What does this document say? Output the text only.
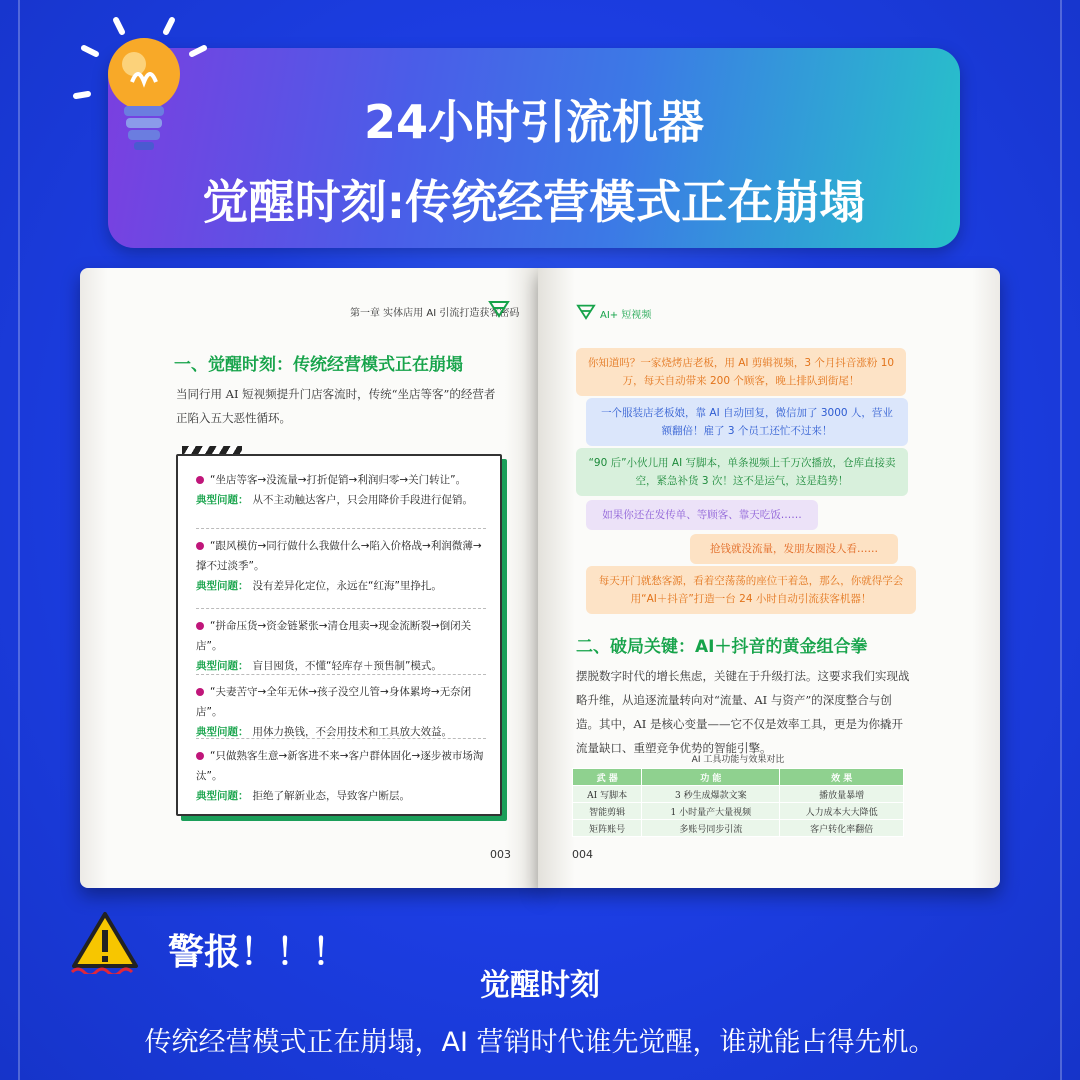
24小时引流机器
觉醒时刻:传统经营模式正在崩塌
第一章 实体店用 AI 引流打造获客密码
一、觉醒时刻：传统经营模式正在崩塌
当同行用 AI 短视频提升门店客流时，传统“坐店等客”的经营者正陷入五大恶性循环。
“坐店等客→没流量→打折促销→利润归零→关门转让”。
典型问题： 从不主动触达客户，只会用降价手段进行促销。
“跟风模仿→同行做什么我做什么→陷入价格战→利润微薄→撑不过淡季”。
典型问题： 没有差异化定位，永远在“红海”里挣扎。
“拼命压货→资金链紧张→清仓甩卖→现金流断裂→倒闭关店”。
典型问题： 盲目囤货，不懂“轻库存＋预售制”模式。
“夫妻苦守→全年无休→孩子没空儿管→身体累垮→无奈闭店”。
典型问题： 用体力换钱，不会用技术和工具放大效益。
“只做熟客生意→新客进不来→客户群体固化→逐步被市场淘汰”。
典型问题： 拒绝了解新业态，导致客户断层。
003
AI+ 短视频
你知道吗？一家烧烤店老板，用 AI 剪辑视频，3 个月抖音涨粉 10 万，每天自动带来 200 个顾客，晚上排队到街尾！
一个服装店老板娘，靠 AI 自动回复，微信加了 3000 人，营业额翻倍！雇了 3 个员工还忙不过来！
“90 后”小伙儿用 AI 写脚本，单条视频上千万次播放，仓库直接卖空，紧急补货 3 次！这不是运气，这是趋势！
如果你还在发传单、等顾客、靠天吃饭……
抢钱就没流量，发朋友圈没人看……
每天开门就愁客源，看着空荡荡的座位干着急，那么，你就得学会用“AI＋抖音”打造一台 24 小时自动引流获客机器！
二、破局关键：AI＋抖音的黄金组合拳
摆脱数字时代的增长焦虑，关键在于升级打法。这要求我们实现战略升维，从追逐流量转向对“流量、AI 与资产”的深度整合与创造。其中，AI 是核心变量——它不仅是效率工具，更是为你撬开流量缺口、重塑竞争优势的智能引擎。
AI 工具功能与效果对比
武 器	功 能	效 果
AI 写脚本	3 秒生成爆款文案	播放量暴增
智能剪辑	1 小时量产大量视频	人力成本大大降低
矩阵账号	多账号同步引流	客户转化率翻倍
004
警报！！！
觉醒时刻
传统经营模式正在崩塌，AI 营销时代谁先觉醒，谁就能占得先机。
